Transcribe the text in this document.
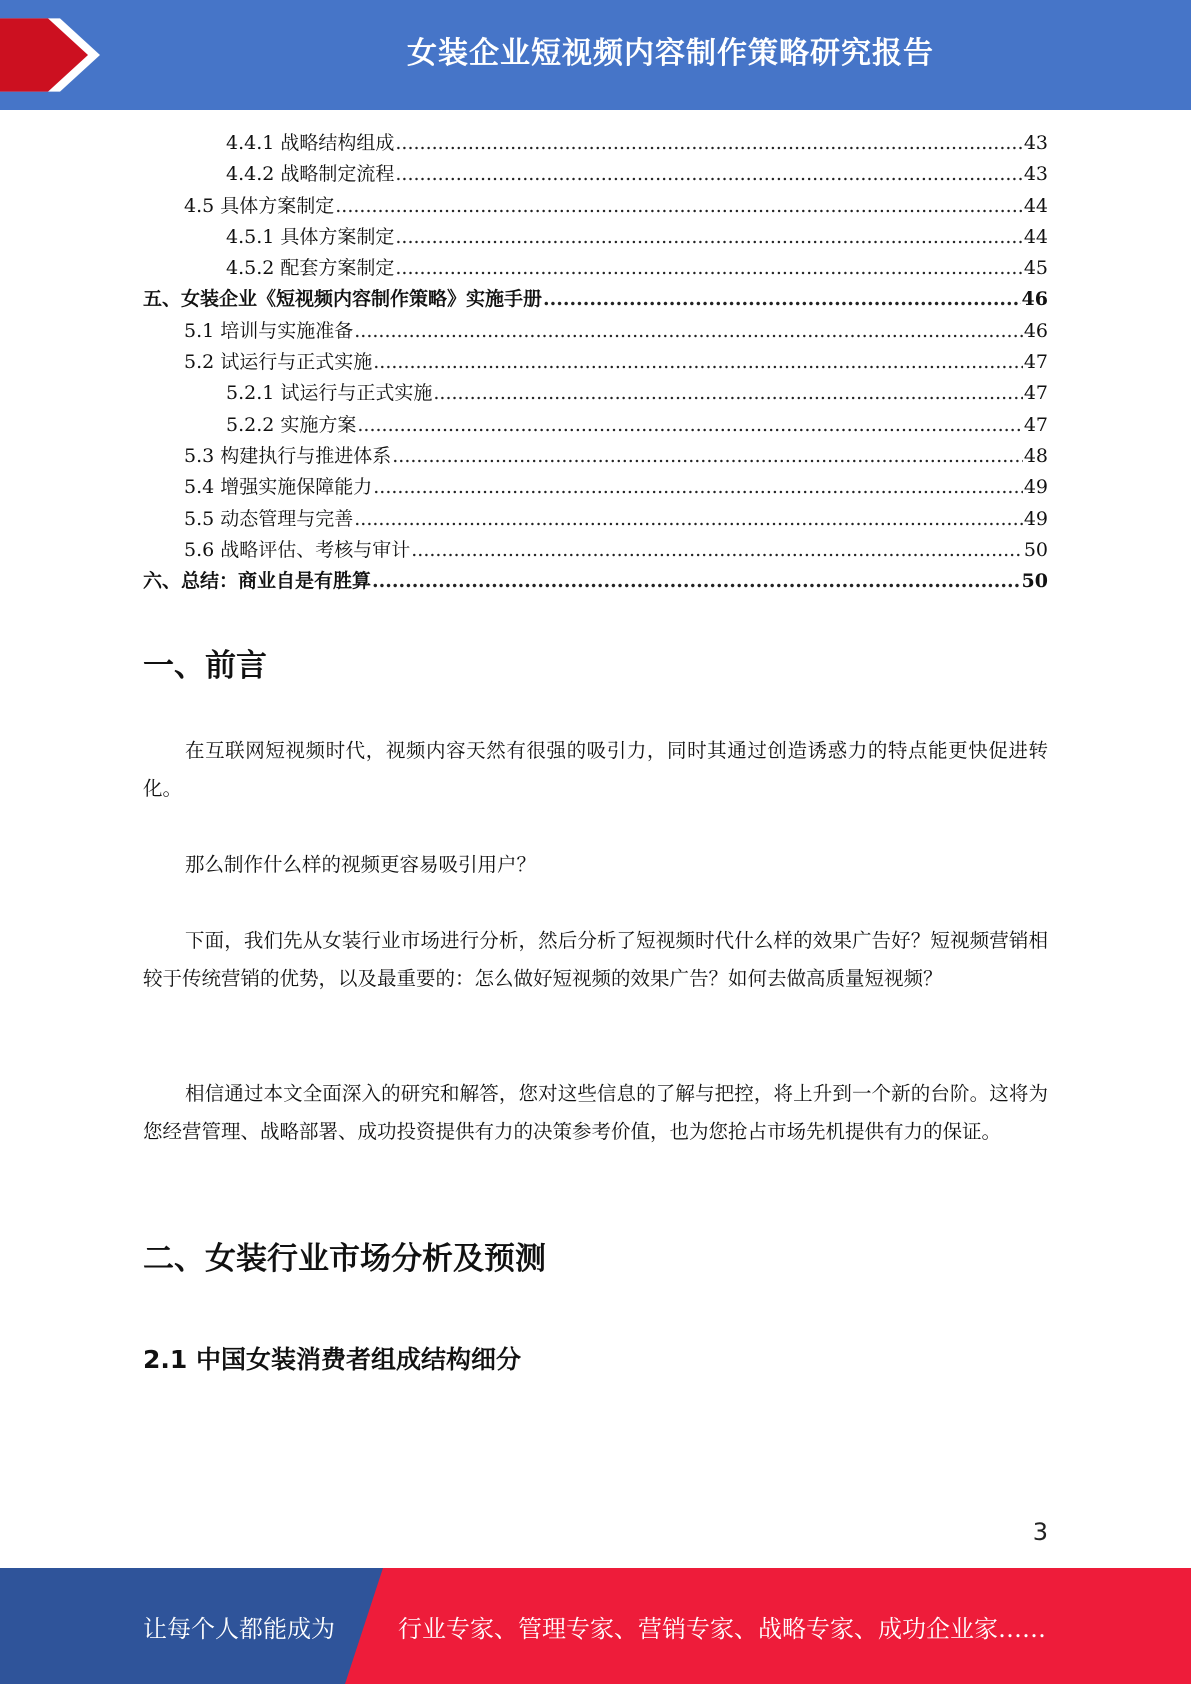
女装企业短视频内容制作策略研究报告
4.4.1 战略结构组成 .....	43
4.4.2 战略制定流程 .....	43
4.5 具体方案制定 .....	44
4.5.1 具体方案制定 .....	44
4.5.2 配套方案制定 .....	45
五、女装企业《短视频内容制作策略》实施手册 .....	46
5.1 培训与实施准备 .....	46
5.2 试运行与正式实施 .....	47
5.2.1 试运行与正式实施 .....	47
5.2.2 实施方案 .....	47
5.3 构建执行与推进体系 .....	48
5.4 增强实施保障能力 .....	49
5.5 动态管理与完善 .....	49
5.6 战略评估、考核与审计 .....	50
六、总结：商业自是有胜算 .....	50
一、前言

在互联网短视频时代，视频内容天然有很强的吸引力，同时其通过创造诱惑力的特点能更快促进转化。

那么制作什么样的视频更容易吸引用户？

下面，我们先从女装行业市场进行分析，然后分析了短视频时代什么样的效果广告好？短视频营销相较于传统营销的优势，以及最重要的：怎么做好短视频的效果广告？如何去做高质量短视频？

相信通过本文全面深入的研究和解答，您对这些信息的了解与把控，将上升到一个新的台阶。这将为您经营管理、战略部署、成功投资提供有力的决策参考价值，也为您抢占市场先机提供有力的保证。

二、女装行业市场分析及预测
2.1 中国女装消费者组成结构细分
3
让每个人都能成为	行业专家、管理专家、营销专家、战略专家、成功企业家……
